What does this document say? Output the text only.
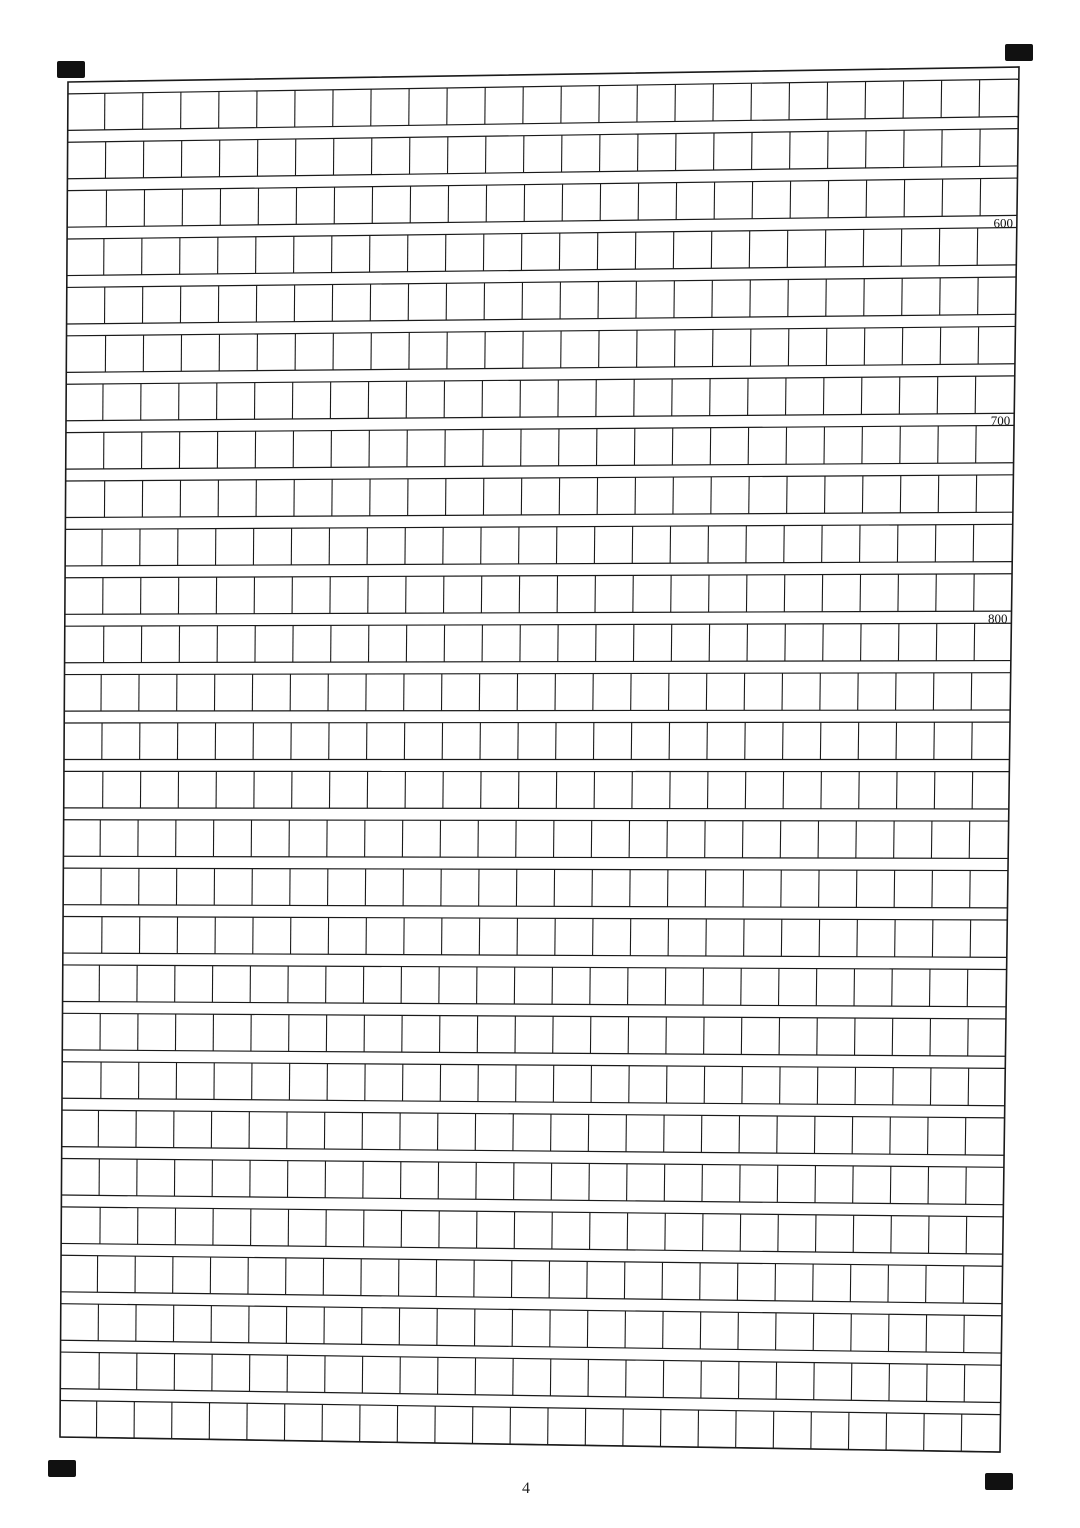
600
700
800
4
